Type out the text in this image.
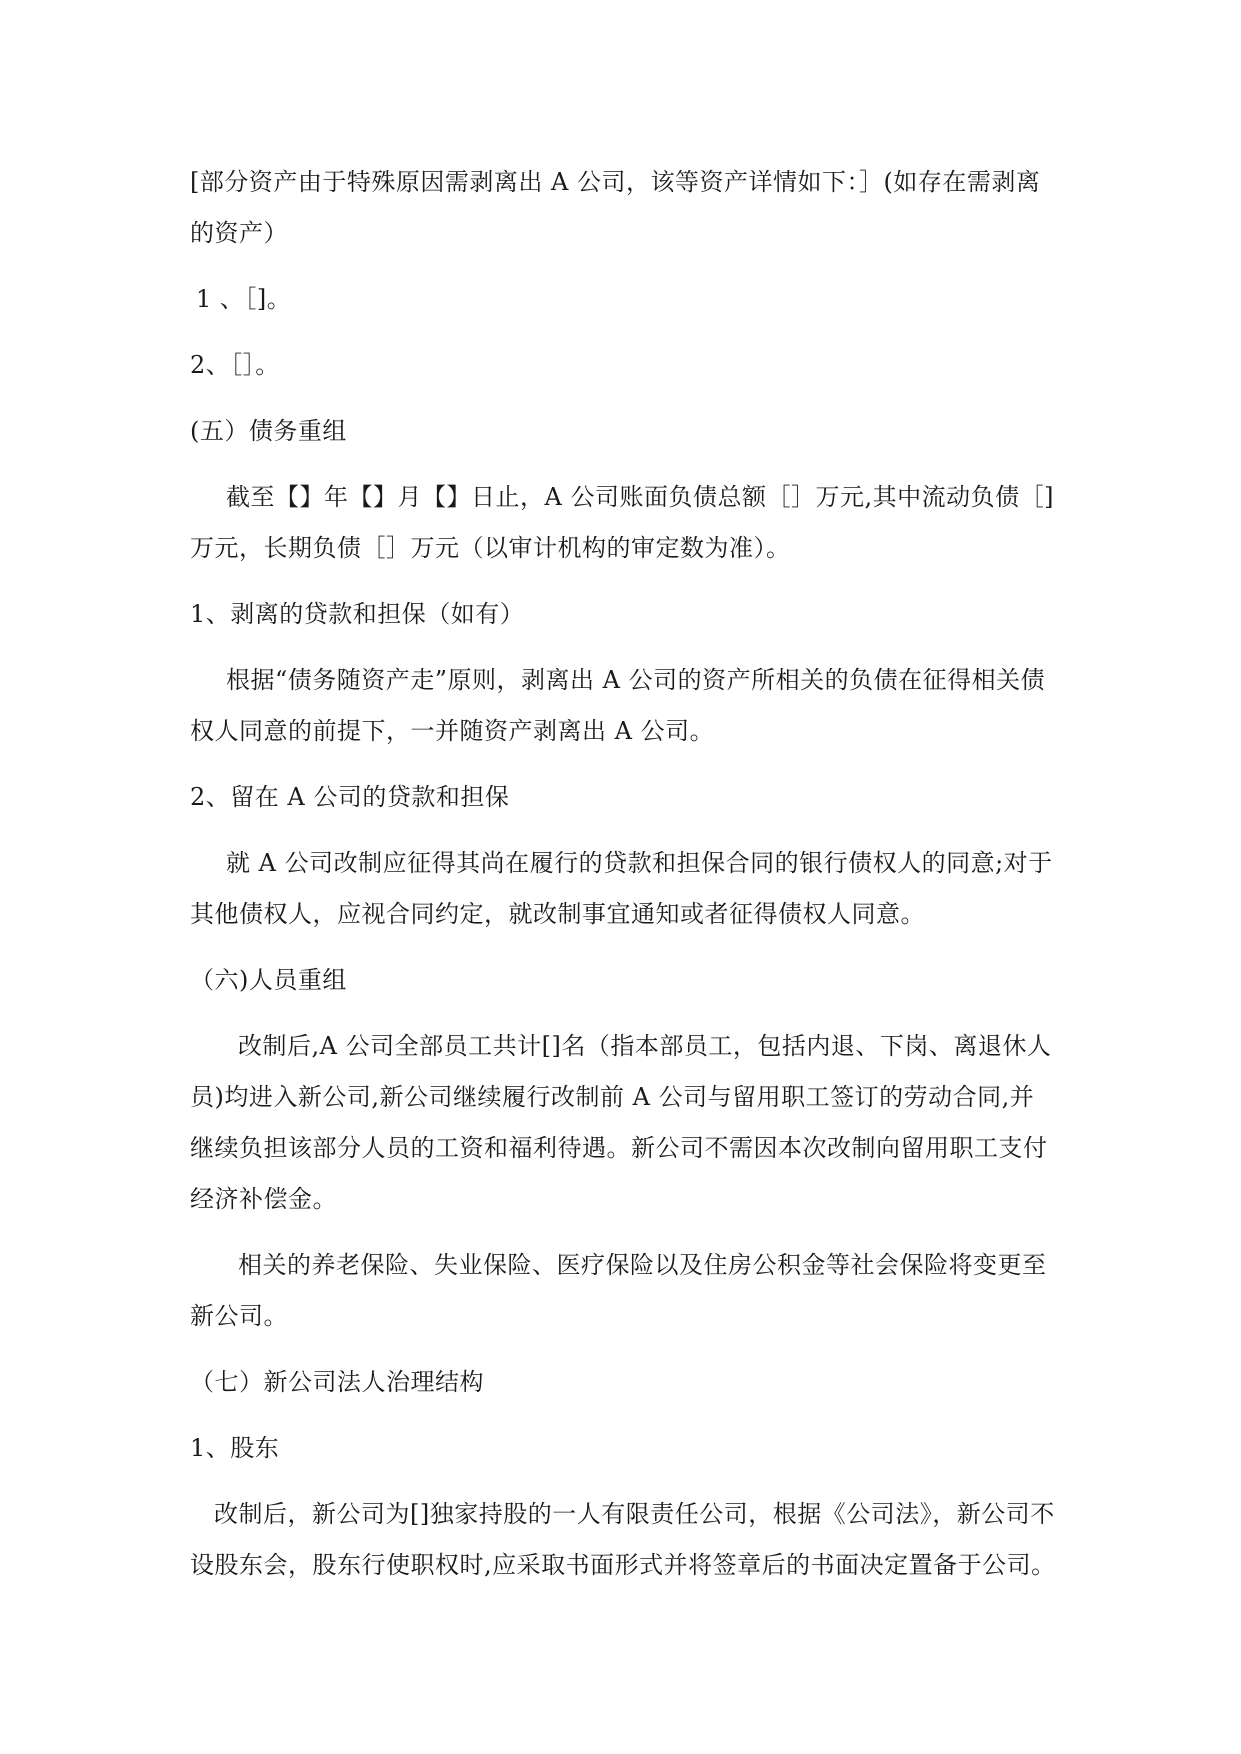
[部分资产由于特殊原因需剥离出 A 公司，该等资产详情如下：］(如存在需剥离的资产）

1 、［]。

2、［］。

(五）债务重组

截至【】年【】月【】日止，A 公司账面负债总额［］万元,其中流动负债［]万元，长期负债［］万元（以审计机构的审定数为准）。

1、剥离的贷款和担保（如有）

根据“债务随资产走”原则，剥离出 A 公司的资产所相关的负债在征得相关债权人同意的前提下，一并随资产剥离出 A 公司。

2、留在 A 公司的贷款和担保

就 A 公司改制应征得其尚在履行的贷款和担保合同的银行债权人的同意;对于其他债权人，应视合同约定，就改制事宜通知或者征得债权人同意。

（六)人员重组

改制后,A 公司全部员工共计[]名（指本部员工，包括内退、下岗、离退休人员)均进入新公司,新公司继续履行改制前 A 公司与留用职工签订的劳动合同,并继续负担该部分人员的工资和福利待遇。新公司不需因本次改制向留用职工支付经济补偿金。

相关的养老保险、失业保险、医疗保险以及住房公积金等社会保险将变更至新公司。

（七）新公司法人治理结构

1、股东

改制后，新公司为[]独家持股的一人有限责任公司，根据《公司法》，新公司不设股东会，股东行使职权时,应采取书面形式并将签章后的书面决定置备于公司。
